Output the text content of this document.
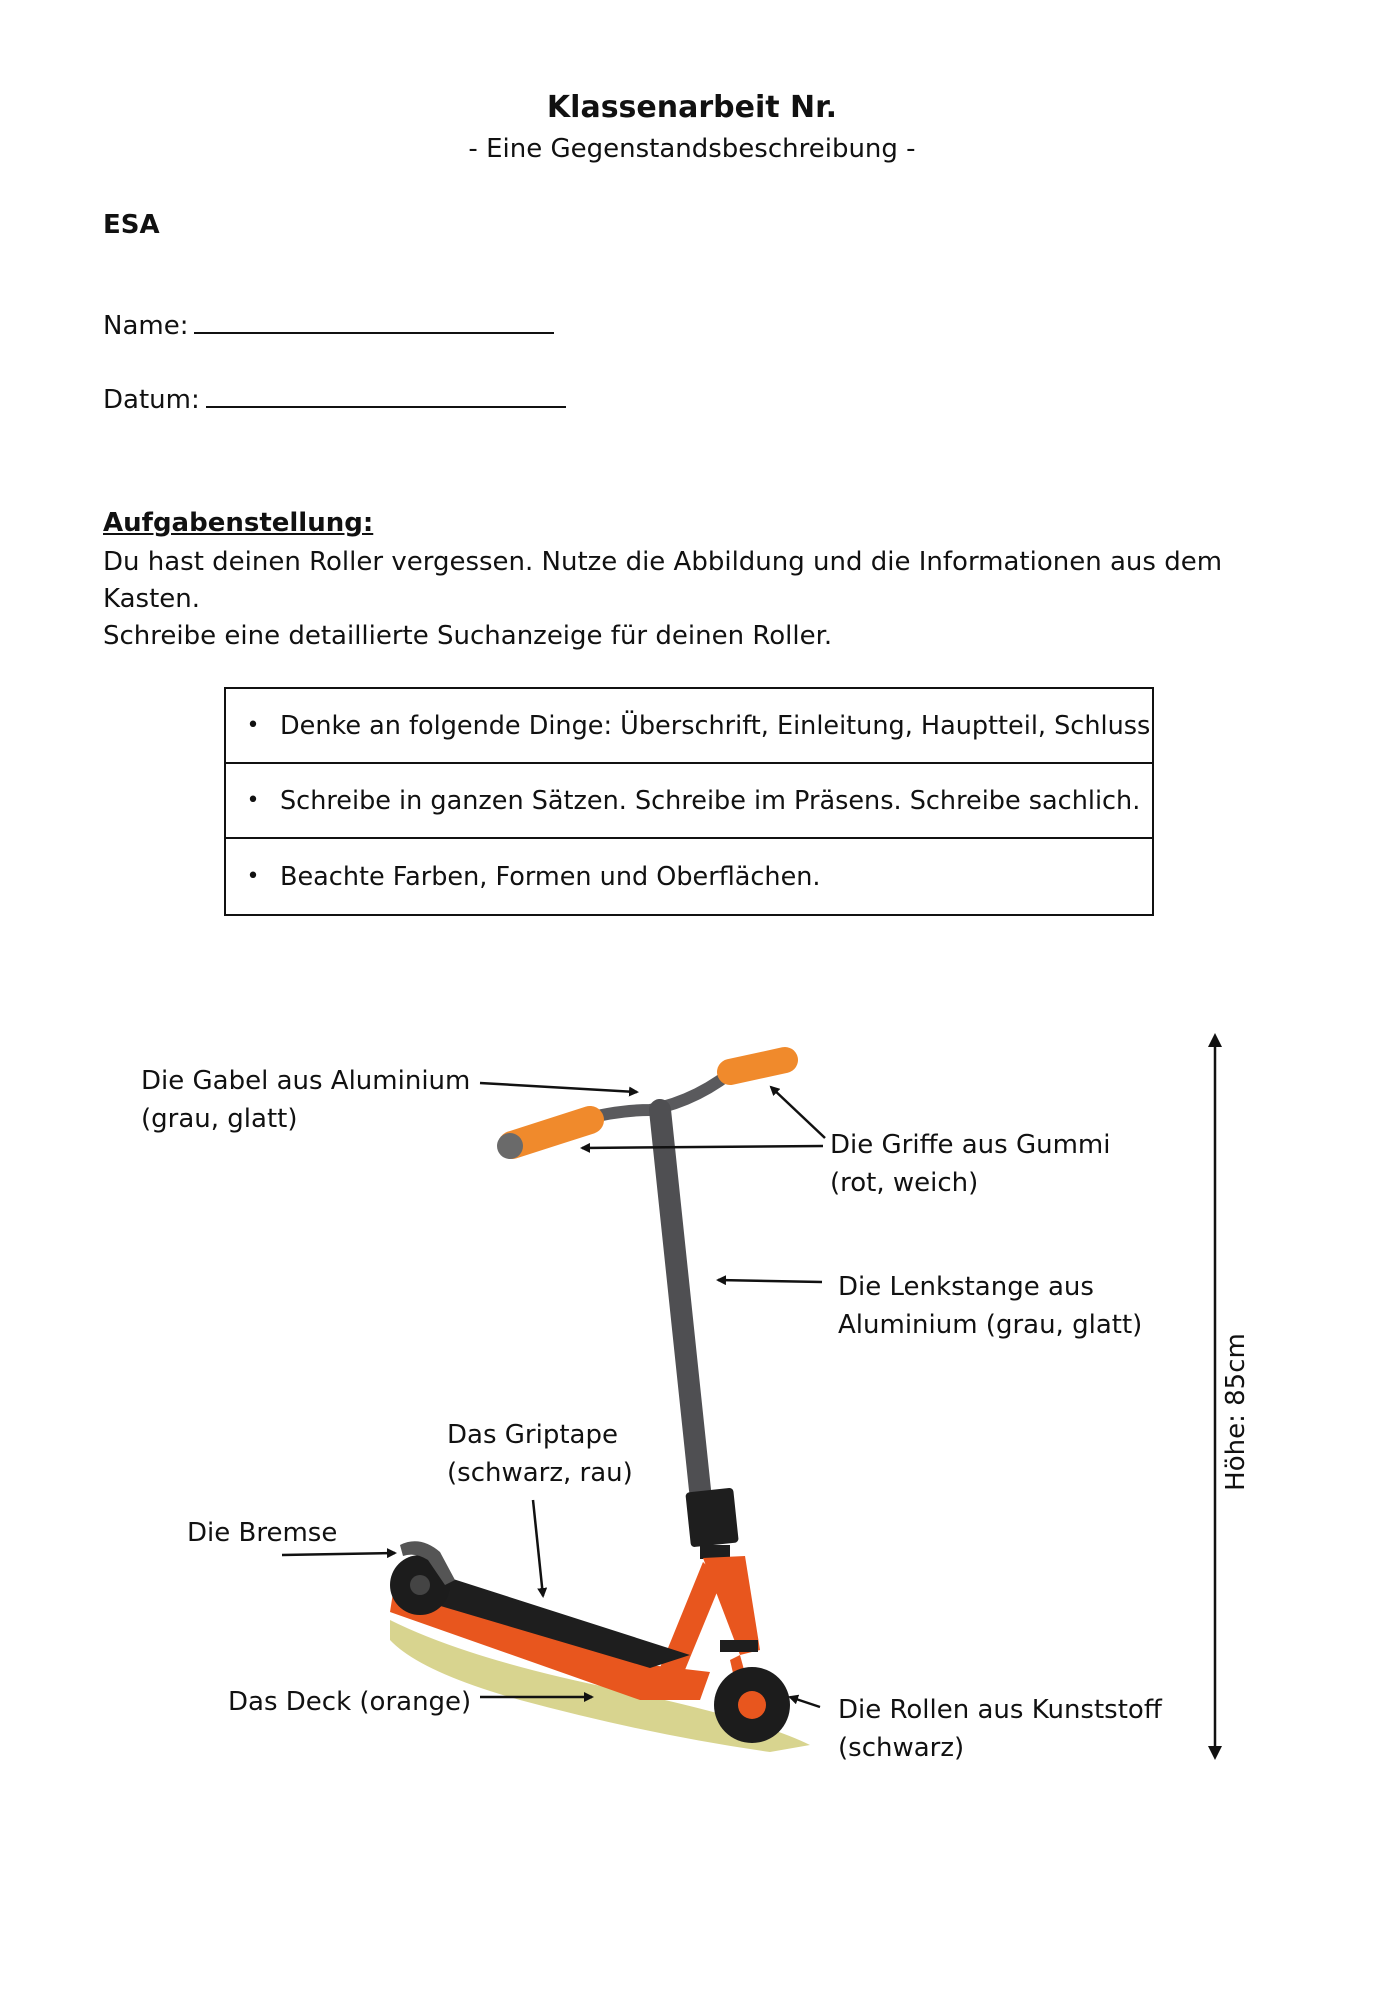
Klassenarbeit Nr.
- Eine Gegenstandsbeschreibung -
ESA
Name:
Datum:
Aufgabenstellung:
Du hast deinen Roller vergessen. Nutze die Abbildung und die Informationen aus dem Kasten.
Schreibe eine detaillierte Suchanzeige für deinen Roller.
• Denke an folgende Dinge: Überschrift, Einleitung, Hauptteil, Schluss
• Schreibe in ganzen Sätzen. Schreibe im Präsens. Schreibe sachlich.
• Beachte Farben, Formen und Oberflächen.
Die Gabel aus Aluminium
(grau, glatt)
Die Griffe aus Gummi
(rot, weich)
Die Lenkstange aus
Aluminium (grau, glatt)
Das Griptape
(schwarz, rau)
Die Bremse
Das Deck (orange)	Die Rollen aus Kunststoff
(schwarz)
Höhe: 85cm
